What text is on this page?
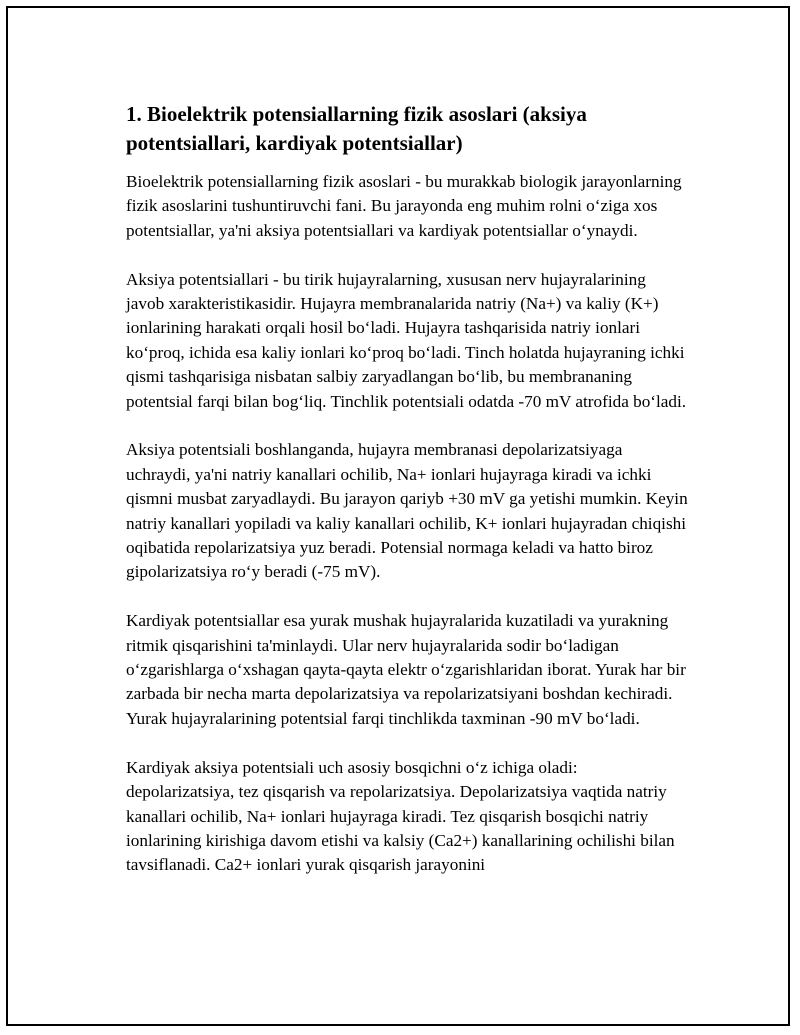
1. Bioelektrik potensiallarning fizik asoslari (aksiya potentsiallari, kardiyak potentsiallar)

Bioelektrik potensiallarning fizik asoslari - bu murakkab biologik jarayonlarning fizik asoslarini tushuntiruvchi fani. Bu jarayonda eng muhim rolni o‘ziga xos potentsiallar, ya'ni aksiya potentsiallari va kardiyak potentsiallar o‘ynaydi.

Aksiya potentsiallari - bu tirik hujayralarning, xususan nerv hujayralarining javob xarakteristikasidir. Hujayra membranalarida natriy (Na+) va kaliy (K+) ionlarining harakati orqali hosil bo‘ladi. Hujayra tashqarisida natriy ionlari ko‘proq, ichida esa kaliy ionlari ko‘proq bo‘ladi. Tinch holatda hujayraning ichki qismi tashqarisiga nisbatan salbiy zaryadlangan bo‘lib, bu membrananing potentsial farqi bilan bog‘liq. Tinchlik potentsiali odatda -70 mV atrofida bo‘ladi.

Aksiya potentsiali boshlanganda, hujayra membranasi depolarizatsiyaga uchraydi, ya'ni natriy kanallari ochilib, Na+ ionlari hujayraga kiradi va ichki qismni musbat zaryadlaydi. Bu jarayon qariyb +30 mV ga yetishi mumkin. Keyin natriy kanallari yopiladi va kaliy kanallari ochilib, K+ ionlari hujayradan chiqishi oqibatida repolarizatsiya yuz beradi. Potensial normaga keladi va hatto biroz gipolarizatsiya ro‘y beradi (-75 mV).

Kardiyak potentsiallar esa yurak mushak hujayralarida kuzatiladi va yurakning ritmik qisqarishini ta'minlaydi. Ular nerv hujayralarida sodir bo‘ladigan o‘zgarishlarga o‘xshagan qayta-qayta elektr o‘zgarishlaridan iborat. Yurak har bir zarbada bir necha marta depolarizatsiya va repolarizatsiyani boshdan kechiradi. Yurak hujayralarining potentsial farqi tinchlikda taxminan -90 mV bo‘ladi.

Kardiyak aksiya potentsiali uch asosiy bosqichni o‘z ichiga oladi: depolarizatsiya, tez qisqarish va repolarizatsiya. Depolarizatsiya vaqtida natriy kanallari ochilib, Na+ ionlari hujayraga kiradi. Tez qisqarish bosqichi natriy ionlarining kirishiga davom etishi va kalsiy (Ca2+) kanallarining ochilishi bilan tavsiflanadi. Ca2+ ionlari yurak qisqarish jarayonini
